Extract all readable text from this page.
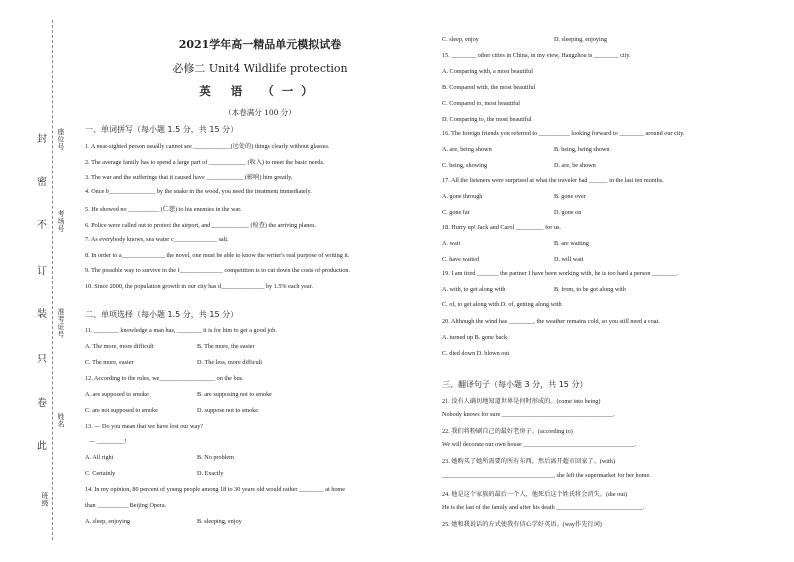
封
密
不
订
装
只
卷
此
座位号
考场号
准考证号
姓名
班级
2021学年高一精品单元模拟试卷
必修二 Unit4 Wildlife protection
英 语 （一）
（本卷满分 100 分）
一、单词拼写（每小题 1.5 分，共 15 分）
1. A near-sighted person usually cannot see ____________(远处的) things clearly without glasses.
2. The average family has to spend a large part of ____________ (收入) to meet the basic needs.
3. The war and the sufferings that it caused have ____________ (影响) him greatly.
4. Once b_______________ by the snake in the wood, you need the treatment immediately.
5. He showed no __________ (仁慈) to his enemies in the war.
6. Police were called out to protect the airport, and ____________ (检查) the arriving planes.
7. As everybody knows, sea water c______________ salt.
8. In order to a______________ the novel, one must be able to know the writer's real purpose of writing it.
9. The possible way to survive in the f______________ competition is to cut down the costs of production.
10. Since 2000, the population growth in our city has d______________ by 1.5% each year.
二、单项选择（每小题 1.5 分，共 15 分）
11. ________ knowledge a man has, ________ it is for him to get a good job.
A. The more, more difficult	B. The more, the easier
C. The more, easier	D. The less, more difficult
12. According to the rules, we__________________ on the bus.
A. are supposed to smoke	B. are supposing not to smoke
C. are not supposed to smoke	D. suppose not to smoke
13. — Do you mean that we have lost our way?
— _________!
A. All right	B. No problem
C. Certainly	D. Exactly
14. In my opinion, 80 percent of young people among 18 to 30 years old would rather ________ at home
than __________ Beijing Opera.
A. sleep, enjoying	B. sleeping, enjoy
C. sleep, enjoy	D. sleeping, enjoying
15. ________ other cities in China, in my view, Hangzhou is ________ city.
A. Comparing with, a most beautiful
B. Compared with, the most beautiful
C. Compared to, most beautiful
D. Comparing to, the most beautiful
16. The foreign friends you referred to __________ looking forward to ________ around our city.
A. are, being shown	B. being, being shown
C. being, showing	D. are, be shown
17. All the listeners were surprised at what the traveler had ______ in the last ten months.
A. gone through	B. gone over
C. gone far	D. gone on
18. Hurry up! Jack and Carol _________ for us.
A. wait	B. are waiting
C. have waited	D. will wait
19. I am tired _______ the partner I have been working with, he is too hard a person ________.
A. with, to get along with	B. from, to be got along with
C. of, to get along with D. of, getting along with
20. Although the wind has ________, the weather remains cold, so you still need a coat.
A. turned up B. gone back
C. died down D. blown out
三、翻译句子（每小题 3 分，共 15 分）
21. 没有人确切地知道世界是何时形成的。(come into being)
Nobody knows for sure ____________________________________.
22. 我们将粉刷自己的最好老房子。(according to)
We will decorate our own house ____________________________________.
23. 她购买了她所需要的所有东西，然后离开超市回家了。(with)
____________________________________, she left the supermarket for her home.
24. 他是这个家族的最后一个人，他死后这个姓氏将会消失。(die out)
He is the last of the family and after his death ____________________________.
25. 她和我说话的方式使我有信心学好英语。(way作先行词)
